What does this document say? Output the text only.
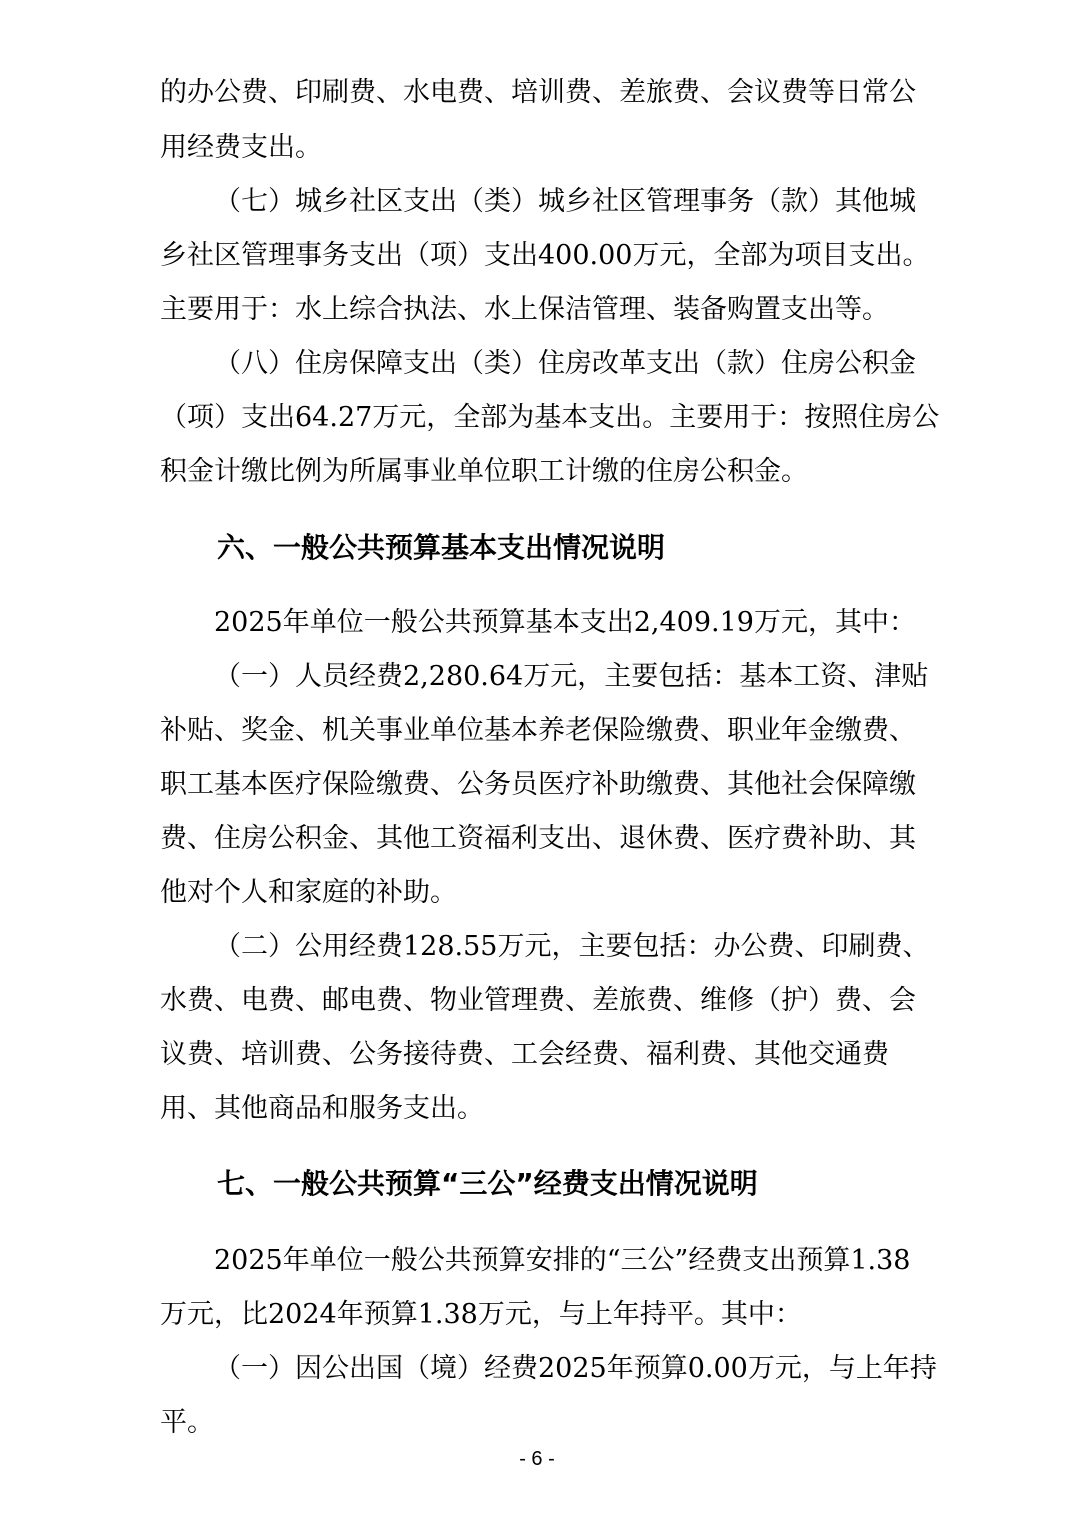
的办公费、印刷费、水电费、培训费、差旅费、会议费等日常公
用经费支出。
（七）城乡社区支出（类）城乡社区管理事务（款）其他城
乡社区管理事务支出（项）支出400.00万元，全部为项目支出。
主要用于：水上综合执法、水上保洁管理、装备购置支出等。
（八）住房保障支出（类）住房改革支出（款）住房公积金
（项）支出64.27万元，全部为基本支出。主要用于：按照住房公
积金计缴比例为所属事业单位职工计缴的住房公积金。
六、一般公共预算基本支出情况说明
2025年单位一般公共预算基本支出2,409.19万元，其中：
（一）人员经费2,280.64万元，主要包括：基本工资、津贴
补贴、奖金、机关事业单位基本养老保险缴费、职业年金缴费、
职工基本医疗保险缴费、公务员医疗补助缴费、其他社会保障缴
费、住房公积金、其他工资福利支出、退休费、医疗费补助、其
他对个人和家庭的补助。
（二）公用经费128.55万元，主要包括：办公费、印刷费、
水费、电费、邮电费、物业管理费、差旅费、维修（护）费、会
议费、培训费、公务接待费、工会经费、福利费、其他交通费
用、其他商品和服务支出。
七、一般公共预算“三公”经费支出情况说明
2025年单位一般公共预算安排的“三公”经费支出预算1.38
万元，比2024年预算1.38万元，与上年持平。其中：
（一）因公出国（境）经费2025年预算0.00万元，与上年持
平。
- 6 -
